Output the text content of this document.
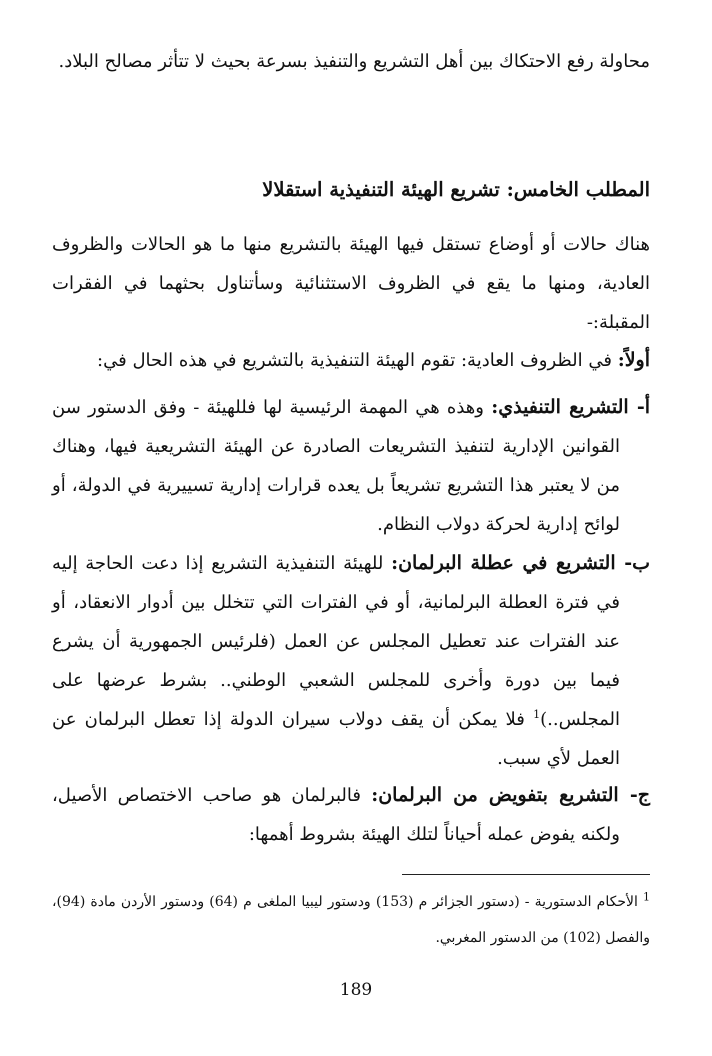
محاولة رفع الاحتكاك بين أهل التشريع والتنفيذ بسرعة بحيث لا تتأثر مصالح البلاد.

المطلب الخامس: تشريع الهيئة التنفيذية استقلالا

هناك حالات أو أوضاع تستقل فيها الهيئة بالتشريع منها ما هو الحالات والظروف العادية، ومنها ما يقع في الظروف الاستثنائية وسأتناول بحثهما في الفقرات المقبلة:-

أولاً: في الظروف العادية: تقوم الهيئة التنفيذية بالتشريع في هذه الحال في:

أ- التشريع التنفيذي: وهذه هي المهمة الرئيسية لها فللهيئة - وفق الدستور سن القوانين الإدارية لتنفيذ التشريعات الصادرة عن الهيئة التشريعية فيها، وهناك من لا يعتبر هذا التشريع تشريعاً بل يعده قرارات إدارية تسييرية في الدولة، أو لوائح إدارية لحركة دولاب النظام.

ب- التشريع في عطلة البرلمان: للهيئة التنفيذية التشريع إذا دعت الحاجة إليه في فترة العطلة البرلمانية، أو في الفترات التي تتخلل بين أدوار الانعقاد، أو عند الفترات عند تعطيل المجلس عن العمل (فلرئيس الجمهورية أن يشرع فيما بين دورة وأخرى للمجلس الشعبي الوطني.. بشرط عرضها على المجلس..)$^1$ فلا يمكن أن يقف دولاب سيران الدولة إذا تعطل البرلمان عن العمل لأي سبب.

ج- التشريع بتفويض من البرلمان: فالبرلمان هو صاحب الاختصاص الأصيل، ولكنه يفوض عمله أحياناً لتلك الهيئة بشروط أهمها:

$^1$ الأحكام الدستورية - (دستور الجزائر م (153) ودستور ليبيا الملغى م (64) ودستور الأردن مادة (94)، والفصل (102) من الدستور المغربي.

189
